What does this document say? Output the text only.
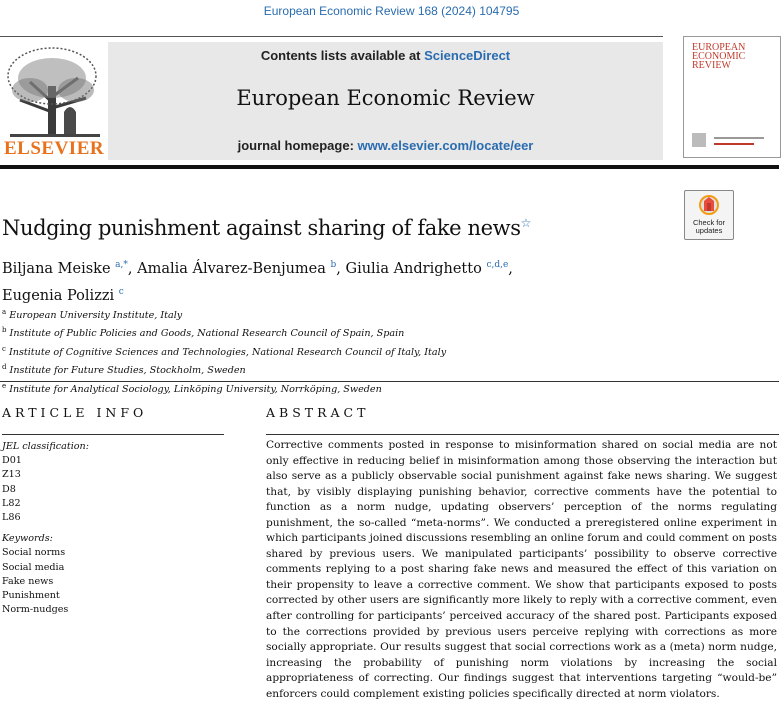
European Economic Review 168 (2024) 104795
ELSEVIER
Contents lists available at ScienceDirect
European Economic Review
journal homepage: www.elsevier.com/locate/eer
EUROPEAN
ECONOMIC
REVIEW
Check for
updates
Nudging punishment against sharing of fake news☆
Biljana Meiske $^{a,*}$, Amalia Álvarez-Benjumea $^b$, Giulia Andrighetto $^{c,d,e}$,
Eugenia Polizzi $^c$
$^a$ European University Institute, Italy
$^b$ Institute of Public Policies and Goods, National Research Council of Spain, Spain
$^c$ Institute of Cognitive Sciences and Technologies, National Research Council of Italy, Italy
$^d$ Institute for Future Studies, Stockholm, Sweden
$^e$ Institute for Analytical Sociology, Linköping University, Norrköping, Sweden
ARTICLE INFO
JEL classification:
D01
Z13
D8
L82
L86
Keywords:
Social norms
Social media
Fake news
Punishment
Norm-nudges
ABSTRACT
Corrective comments posted in response to misinformation shared on social media are not only effective in reducing belief in misinformation among those observing the interaction but also serve as a publicly observable social punishment against fake news sharing. We suggest that, by visibly displaying punishing behavior, corrective comments have the potential to function as a norm nudge, updating observers’ perception of the norms regulating punishment, the so-called “meta-norms”. We conducted a preregistered online experiment in which participants joined discussions resembling an online forum and could comment on posts shared by previous users. We manipulated participants’ possibility to observe corrective comments replying to a post sharing fake news and measured the effect of this variation on their propensity to leave a corrective comment. We show that participants exposed to posts corrected by other users are significantly more likely to reply with a corrective comment, even after controlling for participants’ perceived accuracy of the shared post. Participants exposed to the corrections provided by previous users perceive replying with corrections as more socially appropriate. Our results suggest that social corrections work as a (meta) norm nudge, increasing the probability of punishing norm violations by increasing the social appropriateness of correcting. Our findings suggest that interventions targeting “would-be” enforcers could complement existing policies specifically directed at norm violators.
